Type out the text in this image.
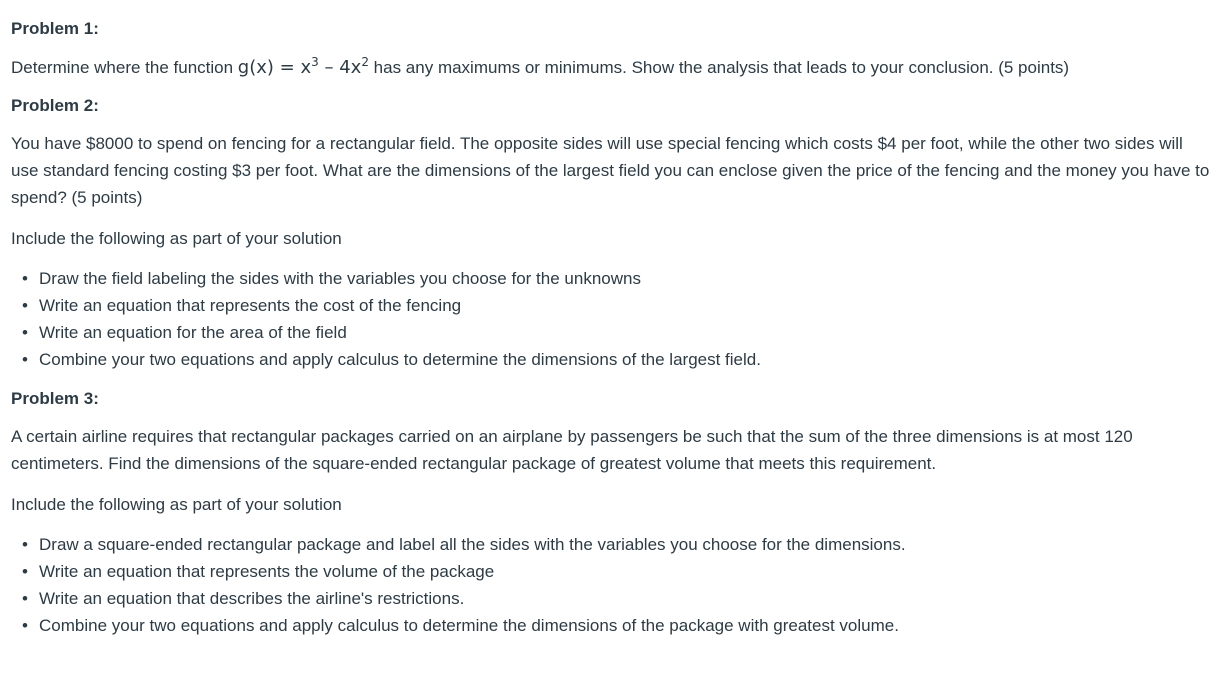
Problem 1:

Determine where the function $g(x) = x^3 - 4x^2$ has any maximums or minimums. Show the analysis that leads to your conclusion. (5 points)

Problem 2:

You have $8000 to spend on fencing for a rectangular field. The opposite sides will use special fencing which costs $4 per foot, while the other two sides will use standard fencing costing $3 per foot. What are the dimensions of the largest field you can enclose given the price of the fencing and the money you have to spend? (5 points)

Include the following as part of your solution

• Draw the field labeling the sides with the variables you choose for the unknowns
• Write an equation that represents the cost of the fencing
• Write an equation for the area of the field
• Combine your two equations and apply calculus to determine the dimensions of the largest field.

Problem 3:

A certain airline requires that rectangular packages carried on an airplane by passengers be such that the sum of the three dimensions is at most 120 centimeters. Find the dimensions of the square-ended rectangular package of greatest volume that meets this requirement.

Include the following as part of your solution

• Draw a square-ended rectangular package and label all the sides with the variables you choose for the dimensions.
• Write an equation that represents the volume of the package
• Write an equation that describes the airline's restrictions.
• Combine your two equations and apply calculus to determine the dimensions of the package with greatest volume.
